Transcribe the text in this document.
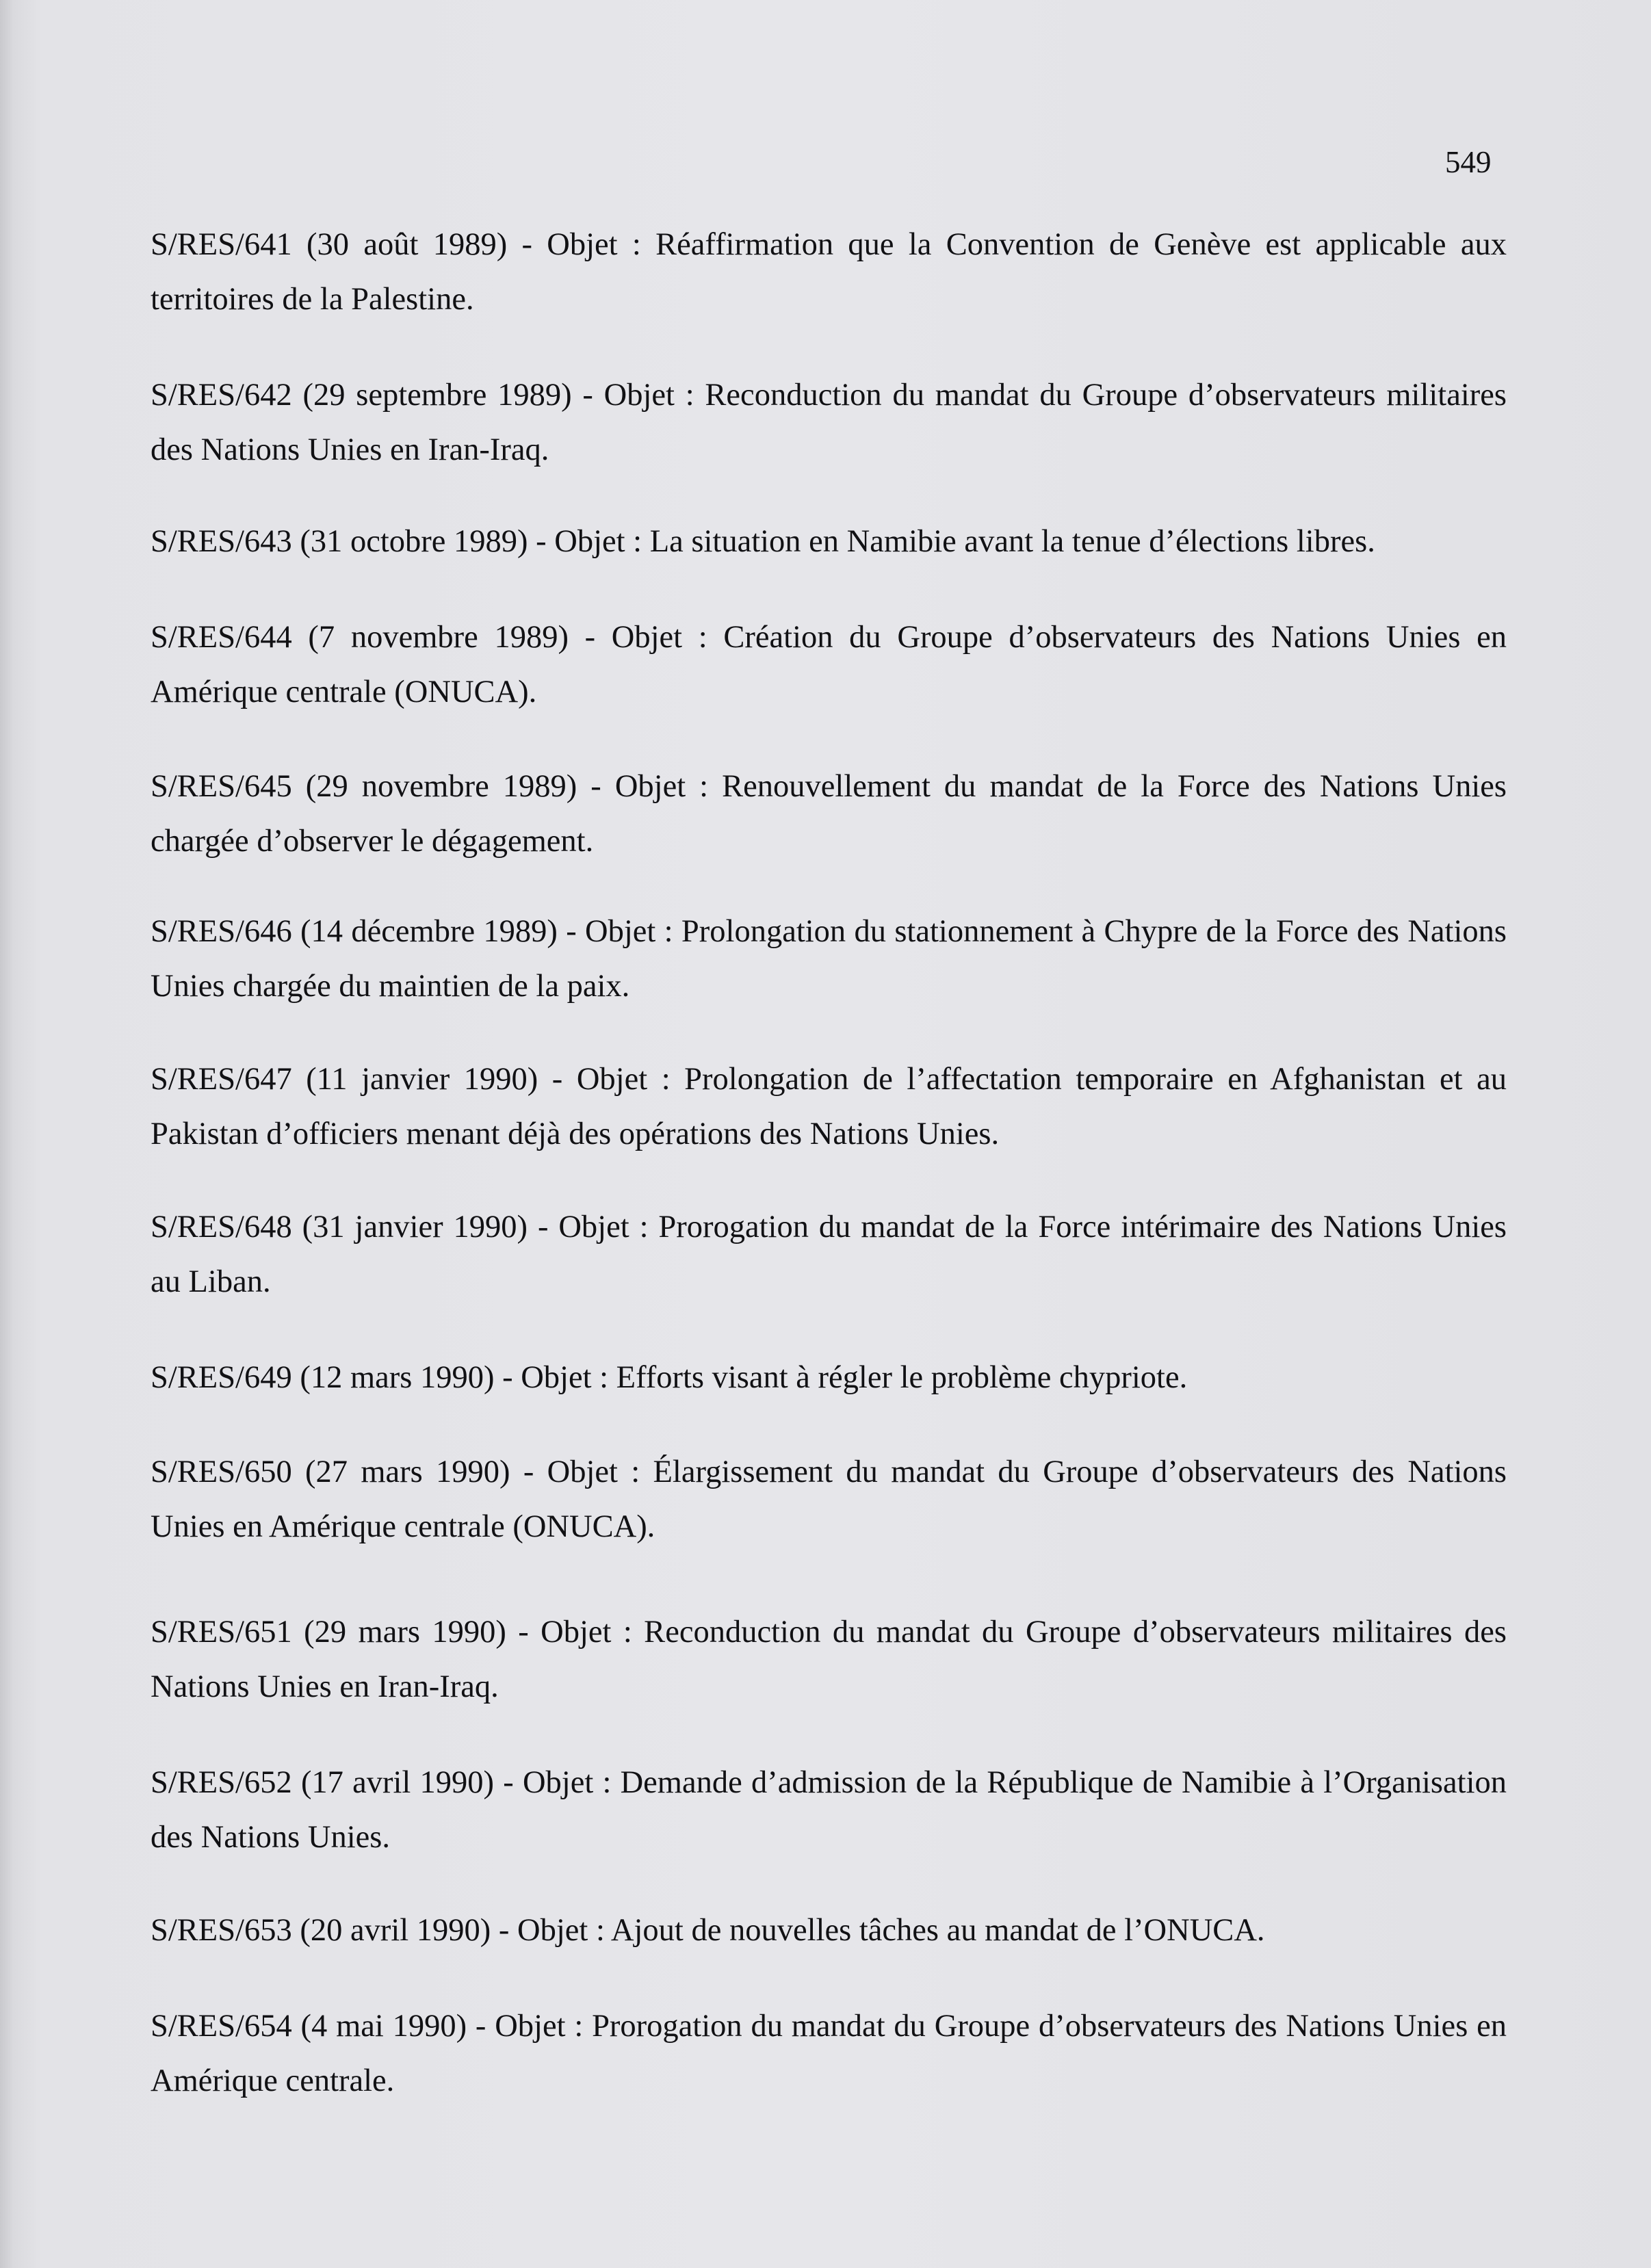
549

S/RES/641 (30 août 1989) - Objet : Réaffirmation que la Convention de Genève est applicable aux territoires de la Palestine.

S/RES/642 (29 septembre 1989) - Objet : Reconduction du mandat du Groupe d’observateurs militaires des Nations Unies en Iran-Iraq.

S/RES/643 (31 octobre 1989) - Objet : La situation en Namibie avant la tenue d’élections libres.

S/RES/644 (7 novembre 1989) - Objet : Création du Groupe d’observateurs des Nations Unies en Amérique centrale (ONUCA).

S/RES/645 (29 novembre 1989) - Objet : Renouvellement du mandat de la Force des Nations Unies chargée d’observer le dégagement.

S/RES/646 (14 décembre 1989) - Objet : Prolongation du stationnement à Chypre de la Force des Nations Unies chargée du maintien de la paix.

S/RES/647 (11 janvier 1990) - Objet : Prolongation de l’affectation temporaire en Afghanistan et au Pakistan d’officiers menant déjà des opérations des Nations Unies.

S/RES/648 (31 janvier 1990) - Objet : Prorogation du mandat de la Force intérimaire des Nations Unies au Liban.

S/RES/649 (12 mars 1990) - Objet : Efforts visant à régler le problème chypriote.

S/RES/650 (27 mars 1990) - Objet : Élargissement du mandat du Groupe d’observateurs des Nations Unies en Amérique centrale (ONUCA).

S/RES/651 (29 mars 1990) - Objet : Reconduction du mandat du Groupe d’observateurs militaires des Nations Unies en Iran-Iraq.

S/RES/652 (17 avril 1990) - Objet : Demande d’admission de la République de Namibie à l’Organisation des Nations Unies.

S/RES/653 (20 avril 1990) - Objet : Ajout de nouvelles tâches au mandat de l’ONUCA.

S/RES/654 (4 mai 1990) - Objet : Prorogation du mandat du Groupe d’observateurs des Nations Unies en Amérique centrale.
